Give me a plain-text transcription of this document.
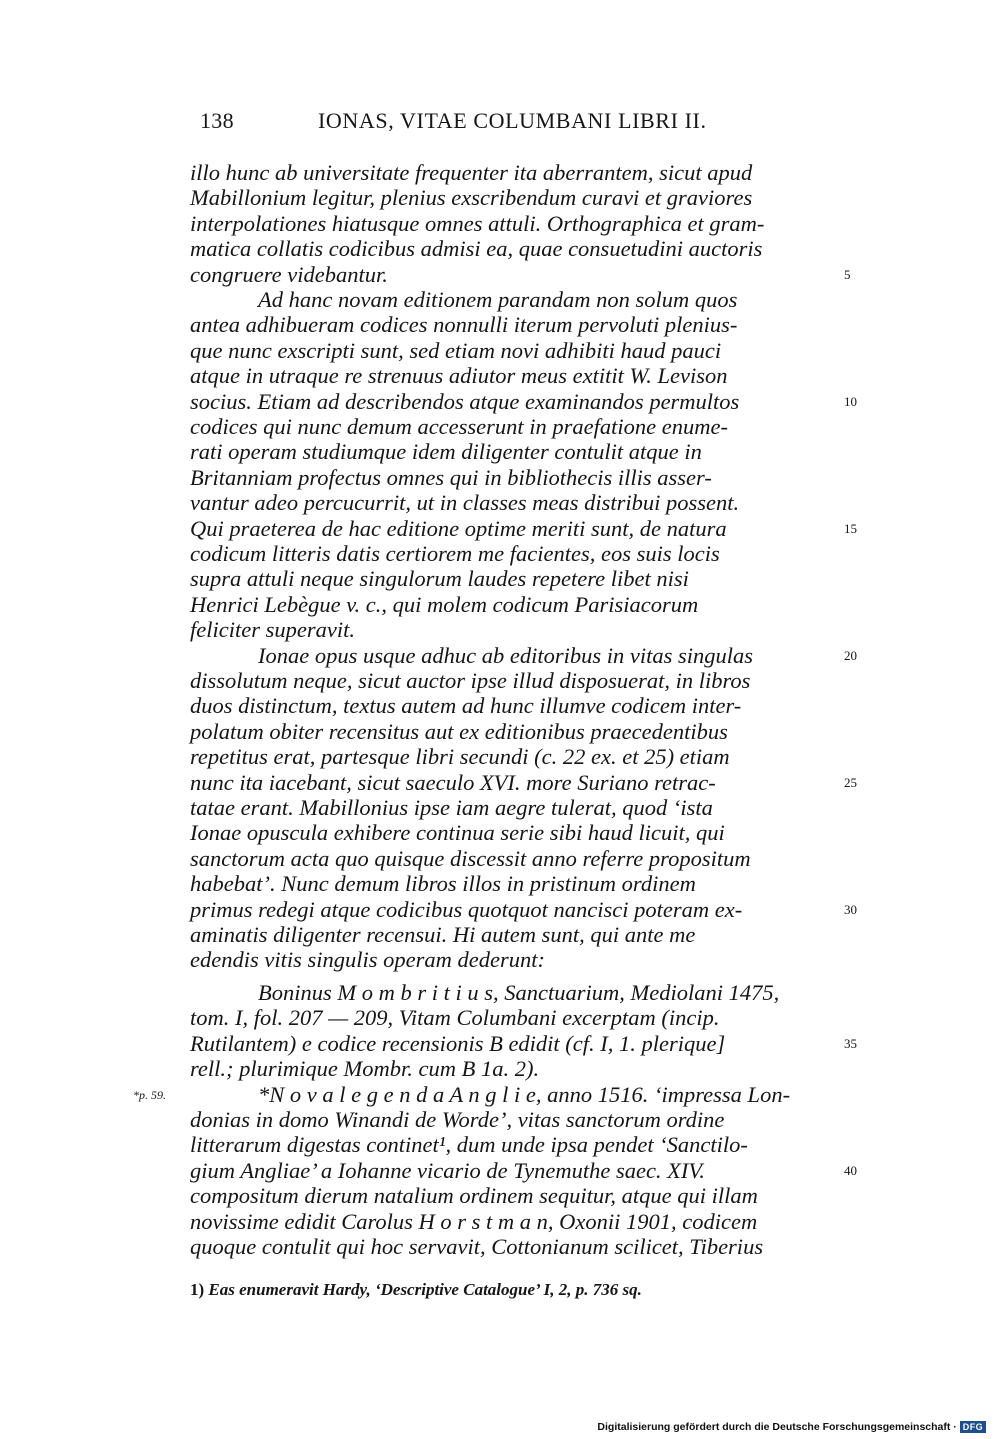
138	IONAS, VITAE COLUMBANI LIBRI II.
illo hunc ab universitate frequenter ita aberrantem, sicut apud
Mabillonium legitur, plenius exscribendum curavi et graviores
interpolationes hiatusque omnes attuli. Orthographica et gram-
matica collatis codicibus admisi ea, quae consuetudini auctoris
congruere videbantur.
Ad hanc novam editionem parandam non solum quos
antea adhibueram codices nonnulli iterum pervoluti plenius-
que nunc exscripti sunt, sed etiam novi adhibiti haud pauci
atque in utraque re strenuus adiutor meus extitit W. Levison
socius. Etiam ad describendos atque examinandos permultos
codices qui nunc demum accesserunt in praefatione enume-
rati operam studiumque idem diligenter contulit atque in
Britanniam profectus omnes qui in bibliothecis illis asser-
vantur adeo percucurrit, ut in classes meas distribui possent.
Qui praeterea de hac editione optime meriti sunt, de natura
codicum litteris datis certiorem me facientes, eos suis locis
supra attuli neque singulorum laudes repetere libet nisi
Henrici Lebègue v. c., qui molem codicum Parisiacorum
feliciter superavit.
Ionae opus usque adhuc ab editoribus in vitas singulas
dissolutum neque, sicut auctor ipse illud disposuerat, in libros
duos distinctum, textus autem ad hunc illumve codicem inter-
polatum obiter recensitus aut ex editionibus praecedentibus
repetitus erat, partesque libri secundi (c. 22 ex. et 25) etiam
nunc ita iacebant, sicut saeculo XVI. more Suriano retrac-
tatae erant. Mabillonius ipse iam aegre tulerat, quod ‘ista
Ionae opuscula exhibere continua serie sibi haud licuit, qui
sanctorum acta quo quisque discessit anno referre propositum
habebat’. Nunc demum libros illos in pristinum ordinem
primus redegi atque codicibus quotquot nancisci poteram ex-
aminatis diligenter recensui. Hi autem sunt, qui ante me
edendis vitis singulis operam dederunt:
Boninus M o m b r i t i u s, Sanctuarium, Mediolani 1475,
tom. I, fol. 207 — 209, Vitam Columbani excerptam (incip.
Rutilantem) e codice recensionis B edidit (cf. I, 1. plerique]
rell.; plurimique Mombr. cum B 1a. 2).
*N o v a l e g e n d a A n g l i e, anno 1516. ‘impressa Lon-
donias in domo Winandi de Worde’, vitas sanctorum ordine
litterarum digestas continet¹, dum unde ipsa pendet ‘Sanctilo-
gium Angliae’ a Iohanne vicario de Tynemuthe saec. XIV.
compositum dierum natalium ordinem sequitur, atque qui illam
novissime edidit Carolus H o r s t m a n, Oxonii 1901, codicem
quoque contulit qui hoc servavit, Cottonianum scilicet, Tiberius
5
10
15
20
25
30
35
40
*p. 59.
1) Eas enumeravit Hardy, ‘Descriptive Catalogue’ I, 2, p. 736 sq.
Digitalisierung gefördert durch die Deutsche Forschungsgemeinschaft · DFG
